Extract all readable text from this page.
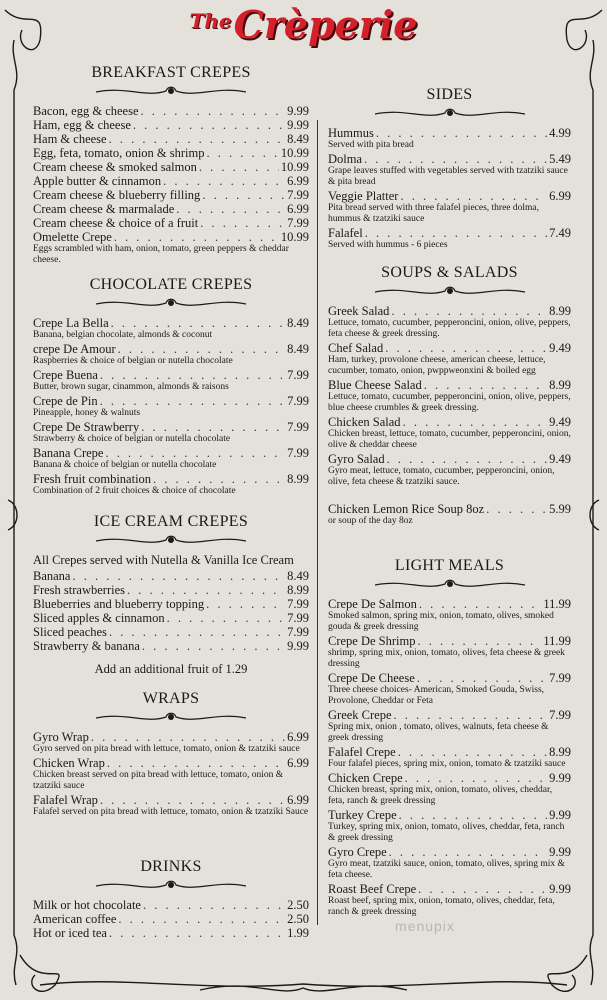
TheCrèperie
BREAKFAST CREPES
Bacon, egg & cheese . . .	9.99
Ham, egg & cheese . . .	9.99
Ham & cheese . . .	8.49
Egg, feta, tomato, onion & shrimp . . .	10.99
Cream cheese & smoked salmon . . .	10.99
Apple butter & cinnamon . . .	6.99
Cream cheese & blueberry filling . . .	7.99
Cream cheese & marmalade . . .	6.99
Cream cheese & choice of a fruit . . .	7.99
Omelette Crepe . . .	10.99
Eggs scrambled with ham, onion, tomato, green peppers & cheddar cheese.
CHOCOLATE CREPES
Crepe La Bella . . .	8.49
Banana, belgian chocolate, almonds & coconut
crepe De Amour . . .	8.49
Raspberries & choice of belgian or nutella chocolate
Crepe Buena . . .	7.99
Butter, brown sugar, cinammon, almonds & raisons
Crepe de Pin . . .	7.99
Pineapple, honey & walnuts
Crepe De Strawberry . . .	7.99
Strawberry & choice of belgian or nutella chocolate
Banana Crepe . . .	7.99
Banana & choice of belgian or nutella chocolate
Fresh fruit combination . . .	8.99
Combination of 2 fruit choices & choice of chocolate
ICE CREAM CREPES
All Crepes served with Nutella & Vanilla Ice Cream
Banana . . .	8.49
Fresh strawberries . . .	8.99
Blueberries and blueberry topping . . .	7.99
Sliced apples & cinnamon . . .	7.99
Sliced peaches . . .	7.99
Strawberry & banana . . .	9.99
Add an additional fruit of 1.29
WRAPS
Gyro Wrap . . .	6.99
Gyro served on pita bread with lettuce, tomato, onion & tzatziki sauce
Chicken Wrap . . .	6.99
Chicken breast served on pita bread with lettuce, tomato, onion & tzatziki sauce
Falafel Wrap . . .	6.99
Falafel served on pita bread with lettuce, tomato, onion & tzatziki Sauce
DRINKS
Milk or hot chocolate . . .	2.50
American coffee . . .	2.50
Hot or iced tea . . .	1.99
SIDES
Hummus . . .	4.99
Served with pita bread
Dolma . . .	5.49
Grape leaves stuffed with vegetables served with tzatziki sauce & pita bread
Veggie Platter . . .	6.99
Pita bread served with three falafel pieces, three dolma, hummus & tzatziki sauce
Falafel . . .	7.49
Served with hummus - 6 pieces
SOUPS & SALADS
Greek Salad . . .	8.99
Lettuce, tomato, cucumber, pepperoncini, onion, olive, peppers, feta cheese & greek dressing.
Chef Salad . . .	9.49
Ham, turkey, provolone cheese, american cheese, lettuce, cucumber, tomato, onion, pwppweonxini & boiled egg
Blue Cheese Salad . . .	8.99
Lettuce, tomato, cucumber, pepperoncini, onion, olive, peppers, blue cheese crumbles & greek dressing.
Chicken Salad . . .	9.49
Chicken breast, lettuce, tomato, cucumber, pepperoncini, onion, olive & cheddar cheese
Gyro Salad . . .	9.49
Gyro meat, lettuce, tomato, cucumber, pepperoncini, onion, olive, feta cheese & tzatziki sauce.
Chicken Lemon Rice Soup 8oz . . .	5.99
or soup of the day 8oz
LIGHT MEALS
Crepe De Salmon . . .	11.99
Smoked salmon, spring mix, onion, tomato, olives, smoked gouda & greek dressing
Crepe De Shrimp . . .	11.99
shrimp, spring mix, onion, tomato, olives, feta cheese & greek dressing
Crepe De Cheese . . .	7.99
Three cheese choices- American, Smoked Gouda, Swiss, Provolone, Cheddar or Feta
Greek Crepe . . .	7.99
Spring mix, onion , tomato, olives, walnuts, feta cheese & greek dressing
Falafel Crepe . . .	8.99
Four falafel pieces, spring mix, onion, tomato & tzatziki sauce
Chicken Crepe . . .	9.99
Chicken breast, spring mix, onion, tomato, olives, cheddar, feta, ranch & greek dressing
Turkey Crepe . . .	9.99
Turkey, spring mix, onion, tomato, olives, cheddar, feta, ranch & greek dressing
Gyro Crepe . . .	9.99
Gyro meat, tzatziki sauce, onion, tomato, olives, spring mix & feta cheese.
Roast Beef Crepe . . .	9.99
Roast beef, spring mix, onion, tomato, olives, cheddar, feta, ranch & greek dressing
menupix
